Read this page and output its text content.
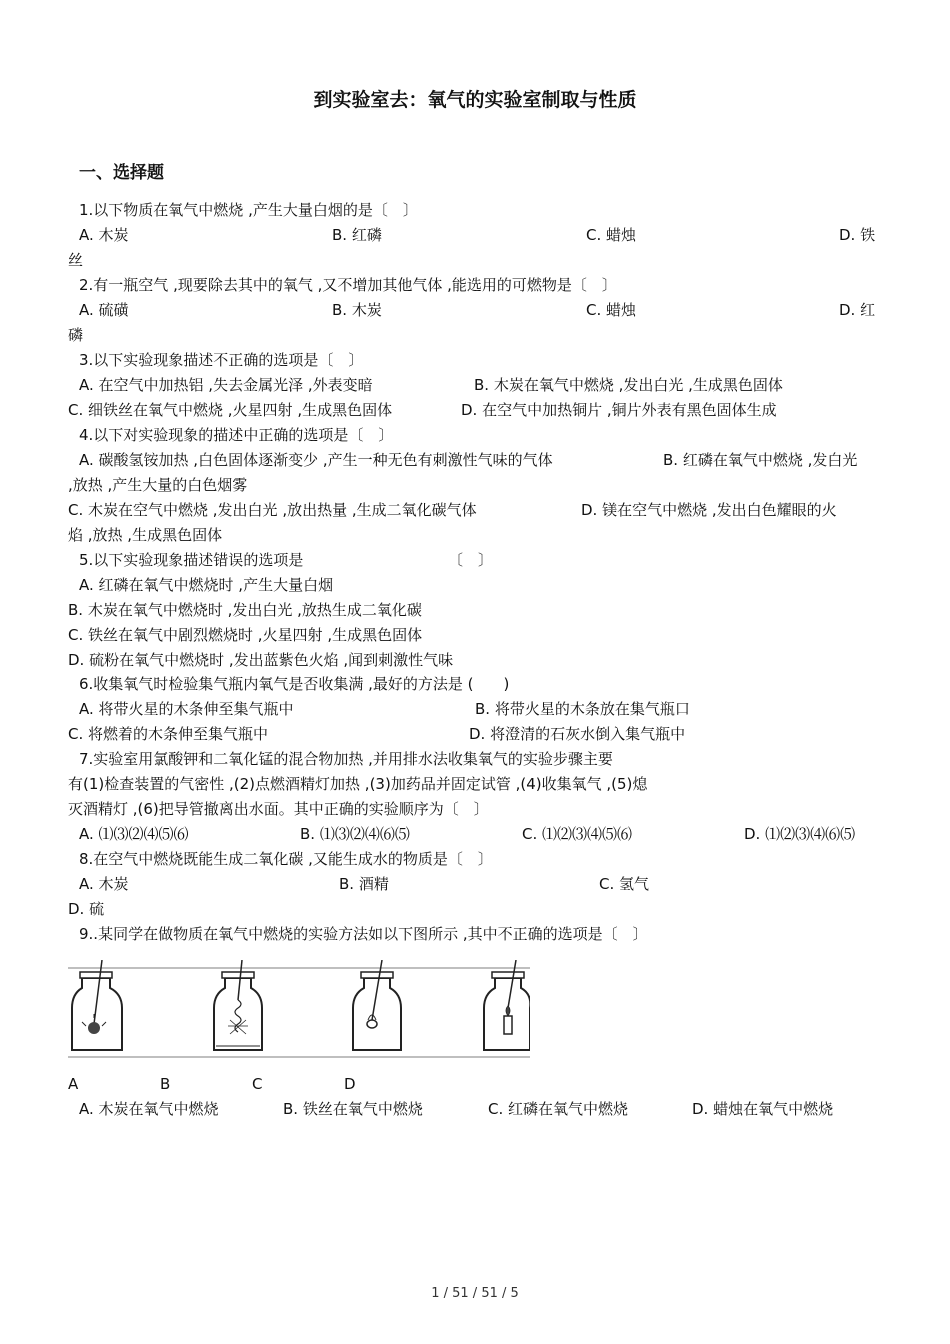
到实验室去：氧气的实验室制取与性质
一、选择题
1.以下物质在氧气中燃烧 ,产生大量白烟的是〔　〕
A. 木炭	B. 红磷	C. 蜡烛	D. 铁
丝
2.有一瓶空气 ,现要除去其中的氧气 ,又不增加其他气体 ,能选用的可燃物是〔　〕
A. 硫磺	B. 木炭	C. 蜡烛	D. 红
磷
3.以下实验现象描述不正确的选项是〔　〕
A. 在空气中加热铝 ,失去金属光泽 ,外表变暗	B. 木炭在氧气中燃烧 ,发出白光 ,生成黑色固体
C. 细铁丝在氧气中燃烧 ,火星四射 ,生成黑色固体	D. 在空气中加热铜片 ,铜片外表有黑色固体生成
4.以下对实验现象的描述中正确的选项是〔　〕
A. 碳酸氢铵加热 ,白色固体逐渐变少 ,产生一种无色有刺激性气味的气体	B. 红磷在氧气中燃烧 ,发白光
,放热 ,产生大量的白色烟雾
C. 木炭在空气中燃烧 ,发出白光 ,放出热量 ,生成二氧化碳气体	D. 镁在空气中燃烧 ,发出白色耀眼的火
焰 ,放热 ,生成黑色固体
5.以下实验现象描述错误的选项是	〔　〕
A. 红磷在氧气中燃烧时 ,产生大量白烟
B. 木炭在氧气中燃烧时 ,发出白光 ,放热生成二氧化碳
C. 铁丝在氧气中剧烈燃烧时 ,火星四射 ,生成黑色固体
D. 硫粉在氧气中燃烧时 ,发出蓝紫色火焰 ,闻到刺激性气味
6.收集氧气时检验集气瓶内氧气是否收集满 ,最好的方法是 (　　)
A. 将带火星的木条伸至集气瓶中	B. 将带火星的木条放在集气瓶口
C. 将燃着的木条伸至集气瓶中	D. 将澄清的石灰水倒入集气瓶中
7.实验室用氯酸钾和二氧化锰的混合物加热 ,并用排水法收集氧气的实验步骤主要
有(1)检查装置的气密性 ,(2)点燃酒精灯加热 ,(3)加药品并固定试管 ,(4)收集氧气 ,(5)熄
灭酒精灯 ,(6)把导管撤离出水面。其中正确的实验顺序为〔　〕
A. ⑴⑶⑵⑷⑸⑹	B. ⑴⑶⑵⑷⑹⑸	C. ⑴⑵⑶⑷⑸⑹	D. ⑴⑵⑶⑷⑹⑸
8.在空气中燃烧既能生成二氧化碳 ,又能生成水的物质是〔　〕
A. 木炭	B. 酒精	C. 氢气
D. 硫
9..某同学在做物质在氧气中燃烧的实验方法如以下图所示 ,其中不正确的选项是〔　〕
A	B	C	D
A. 木炭在氧气中燃烧	B. 铁丝在氧气中燃烧	C. 红磷在氧气中燃烧	D. 蜡烛在氧气中燃烧
1 / 51 / 51 / 5
